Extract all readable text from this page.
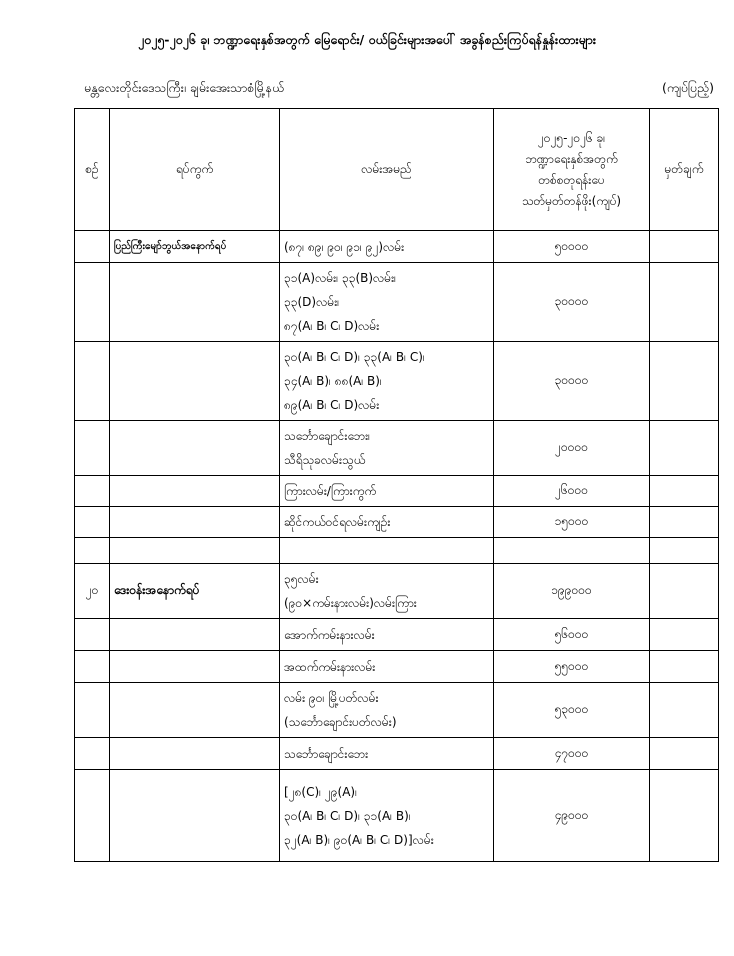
၂၀၂၅-၂၀၂၆ ခု၊ ဘဏ္ဍာရေးနှစ်အတွက် မြေရောင်း/ ဝယ်ခြင်းများအပေါ် အခွန်စည်းကြပ်ရန်နှုန်းထားများ
မန္တလေးတိုင်းဒေသကြီး၊ ချမ်းအေးသာစံမြို့နယ်	(ကျပ်ပြည့်)
စဉ်	ရပ်ကွက်	လမ်းအမည်	၂၀၂၅-၂၀၂၆ ခု၊
ဘဏ္ဍာရေးနှစ်အတွက်
တစ်စတုရန်းပေ
သတ်မှတ်တန်ဖိုး(ကျပ်)	မှတ်ချက်
	ပြည်ကြီးမျော်ဘွယ်အနောက်ရပ်	(၈၇၊ ၈၉၊ ၉၀၊ ၉၁၊ ၉၂)လမ်း	၅၀၀၀၀	

		၃၁(A)လမ်း၊ ၃၃(B)လမ်း၊
၃၃(D)လမ်း၊
၈၇(A၊ B၊ C၊ D)လမ်း	၃၀၀၀၀	

		၃၀(A၊ B၊ C၊ D)၊ ၃၃(A၊ B၊ C)၊
၃၄(A၊ B)၊ ၈၈(A၊ B)၊
၈၉(A၊ B၊ C၊ D)လမ်း	၃၀၀၀၀	

		သင်္ဘောချောင်းဘေး၊
သီရိသုခလမ်းသွယ်	၂၀၀၀၀	

		ကြားလမ်း/ကြားကွက်	၂၆၀၀၀	

		ဆိုင်ကယ်ဝင်ရလမ်းကျဉ်း	၁၅၀၀၀	

၂၀	ဒေးဝန်းအနောက်ရပ်	၃၅လမ်း
(၉၀×ကမ်းနားလမ်း)လမ်းကြား	၁၉၉၀၀၀	

		အောက်ကမ်းနားလမ်း	၅၆၀၀၀	

		အထက်ကမ်းနားလမ်း	၅၅၀၀၀	

		လမ်း ၉၀၊ မြို့ပတ်လမ်း
(သင်္ဘောချောင်းပတ်လမ်း)	၅၃၀၀၀	

		သင်္ဘောချောင်းဘေး	၄၇၀၀၀	

		[၂၈(C)၊ ၂၉(A)၊
၃၀(A၊ B၊ C၊ D)၊ ၃၁(A၊ B)၊
၃၂(A၊ B)၊ ၉၀(A၊ B၊ C၊ D)]လမ်း	၄၉၀၀၀	
